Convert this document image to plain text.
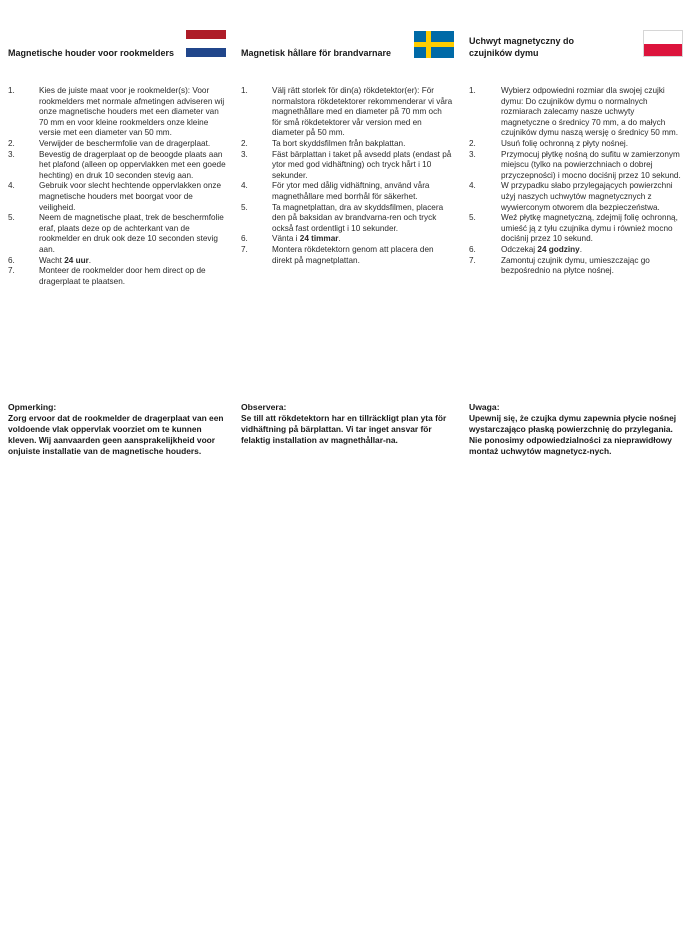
Magnetische houder voor rookmelders
1.	Kies de juiste maat voor je rookmelder(s): Voor rookmelders met normale afmetingen adviseren wij onze magnetische houders met een diameter van 70 mm en voor kleine rookmelders onze kleine versie met een diameter van 50 mm.
2.	Verwijder de beschermfolie van de dragerplaat.
3.	Bevestig de dragerplaat op de beoogde plaats aan het plafond (alleen op oppervlakken met een goede hechting) en druk 10 seconden stevig aan.
4.	Gebruik voor slecht hechtende oppervlakken onze magnetische houders met boorgat voor de veiligheid.
5.	Neem de magnetische plaat, trek de beschermfolie eraf, plaats deze op de achterkant van de rookmelder en druk ook deze 10 seconden stevig aan.
6.	Wacht 24 uur.
7.	Monteer de rookmelder door hem direct op de dragerplaat te plaatsen.
Opmerking:
Zorg ervoor dat de rookmelder de dragerplaat van een voldoende vlak oppervlak voorziet om te kunnen kleven. Wij aanvaarden geen aansprakelijkheid voor onjuiste installatie van de magnetische houders.
Magnetisk hållare för brandvarnare
1.	Välj rätt storlek för din(a) rökdetektor(er): För normalstora rökdetektorer rekommenderar vi våra magnethållare med en diameter på 70 mm och för små rökdetektorer vår version med en diameter på 50 mm.
2.	Ta bort skyddsfilmen från bakplattan.
3.	Fäst bärplattan i taket på avsedd plats (endast på ytor med god vidhäftning) och tryck hårt i 10 sekunder.
4.	För ytor med dålig vidhäftning, använd våra magnethållare med borrhål för säkerhet.
5.	Ta magnetplattan, dra av skyddsfilmen, placera den på baksidan av brandvarna-ren och tryck också fast ordentligt i 10 sekunder.
6.	Vänta i 24 timmar.
7.	Montera rökdetektorn genom att placera den direkt på magnetplattan.
Observera:
Se till att rökdetektorn har en tillräckligt plan yta för vidhäftning på bärplattan. Vi tar inget ansvar för felaktig installation av magnethållar-na.
Uchwyt magnetyczny do czujników dymu
1.	Wybierz odpowiedni rozmiar dla swojej czujki dymu: Do czujników dymu o normalnych rozmiarach zalecamy nasze uchwyty magnetyczne o średnicy 70 mm, a do małych czujników dymu naszą wersję o średnicy 50 mm.
2.	Usuń folię ochronną z płyty nośnej.
3.	Przymocuj płytkę nośną do sufitu w zamierzonym miejscu (tylko na powierzchniach o dobrej przyczepności) i mocno dociśnij przez 10 sekund.
4.	W przypadku słabo przylegających powierzchni użyj naszych uchwytów magnetycznych z wywierconym otworem dla bezpieczeństwa.
5.	Weź płytkę magnetyczną, zdejmij folię ochronną, umieść ją z tyłu czujnika dymu i również mocno dociśnij przez 10 sekund.
6.	Odczekaj 24 godziny.
7.	Zamontuj czujnik dymu, umieszczając go bezpośrednio na płytce nośnej.
Uwaga:
Upewnij się, że czujka dymu zapewnia płycie nośnej wystarczająco płaską powierzchnię do przylegania. Nie ponosimy odpowiedzialności za nieprawidłowy montaż uchwytów magnetycz-nych.
